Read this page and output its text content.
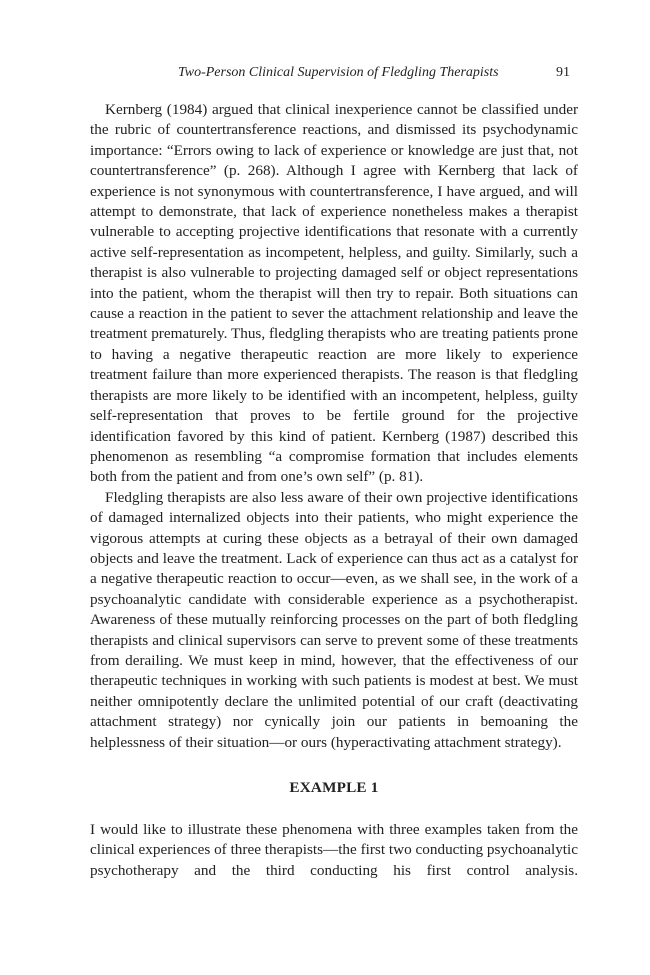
Two-Person Clinical Supervision of Fledgling Therapists	91

Kernberg (1984) argued that clinical inexperience cannot be classified under the rubric of countertransference reactions, and dismissed its psychodynamic importance: “Errors owing to lack of experience or knowledge are just that, not countertransference” (p. 268). Although I agree with Kernberg that lack of experience is not synonymous with countertransference, I have argued, and will attempt to demonstrate, that lack of experience nonetheless makes a therapist vulnerable to accepting projective identifications that resonate with a currently active self-representation as incompetent, helpless, and guilty. Similarly, such a therapist is also vulnerable to projecting damaged self or object representations into the patient, whom the therapist will then try to repair. Both situations can cause a reaction in the patient to sever the attachment relationship and leave the treatment prematurely. Thus, fledgling therapists who are treating patients prone to having a negative therapeutic reaction are more likely to experience treatment failure than more experienced therapists. The reason is that fledgling therapists are more likely to be identified with an incompetent, helpless, guilty self-representation that proves to be fertile ground for the projective identification favored by this kind of patient. Kernberg (1987) described this phenomenon as resembling “a compromise formation that includes elements both from the patient and from one’s own self” (p. 81).

Fledgling therapists are also less aware of their own projective identifications of damaged internalized objects into their patients, who might experience the vigorous attempts at curing these objects as a betrayal of their own damaged objects and leave the treatment. Lack of experience can thus act as a catalyst for a negative therapeutic reaction to occur—even, as we shall see, in the work of a psychoanalytic candidate with considerable experience as a psychotherapist. Awareness of these mutually reinforcing processes on the part of both fledgling therapists and clinical supervisors can serve to prevent some of these treatments from derailing. We must keep in mind, however, that the effectiveness of our therapeutic techniques in working with such patients is modest at best. We must neither omnipotently declare the unlimited potential of our craft (deactivating attachment strategy) nor cynically join our patients in bemoaning the helplessness of their situation—or ours (hyperactivating attachment strategy).

EXAMPLE 1

I would like to illustrate these phenomena with three examples taken from the clinical experiences of three therapists—the first two conducting psychoanalytic psychotherapy and the third conducting his first control analysis.
